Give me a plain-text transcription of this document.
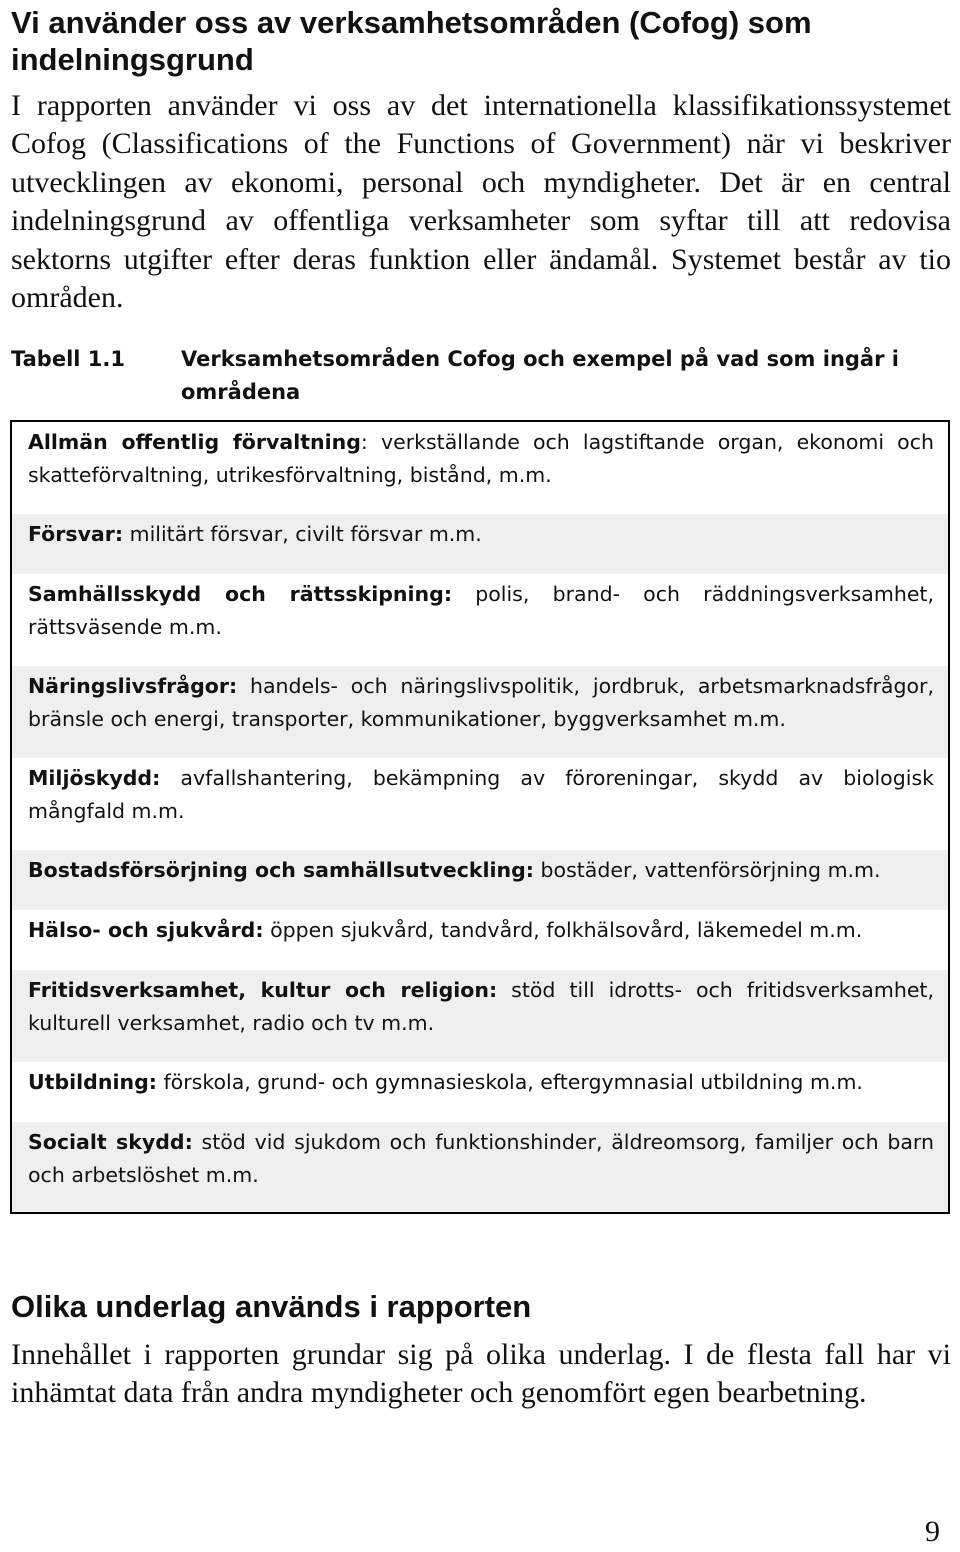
Vi använder oss av verksamhetsområden (Cofog) som indelningsgrund

I rapporten använder vi oss av det internationella klassifikationssystemet Cofog (Classifications of the Functions of Government) när vi beskriver utvecklingen av ekonomi, personal och myndigheter. Det är en central indelningsgrund av offentliga verksamheter som syftar till att redovisa sektorns utgifter efter deras funktion eller ändamål. Systemet består av tio områden.

Tabell 1.1	Verksamhetsområden Cofog och exempel på vad som ingår i områdena
Allmän offentlig förvaltning: verkställande och lagstiftande organ, ekonomi och skatteförvaltning, utrikesförvaltning, bistånd, m.m.
Försvar: militärt försvar, civilt försvar m.m.
Samhällsskydd och rättsskipning: polis, brand- och räddningsverksamhet, rättsväsende m.m.
Näringslivsfrågor: handels- och näringslivspolitik, jordbruk, arbetsmarknadsfrågor, bränsle och energi, transporter, kommunikationer, byggverksamhet m.m.
Miljöskydd: avfallshantering, bekämpning av föroreningar, skydd av biologisk mångfald m.m.
Bostadsförsörjning och samhällsutveckling: bostäder, vattenförsörjning m.m.
Hälso- och sjukvård: öppen sjukvård, tandvård, folkhälsovård, läkemedel m.m.
Fritidsverksamhet, kultur och religion: stöd till idrotts- och fritidsverksamhet, kulturell verksamhet, radio och tv m.m.
Utbildning: förskola, grund- och gymnasieskola, eftergymnasial utbildning m.m.
Socialt skydd: stöd vid sjukdom och funktionshinder, äldreomsorg, familjer och barn och arbetslöshet m.m.
Olika underlag används i rapporten

Innehållet i rapporten grundar sig på olika underlag. I de flesta fall har vi inhämtat data från andra myndigheter och genomfört egen bearbetning.

9
